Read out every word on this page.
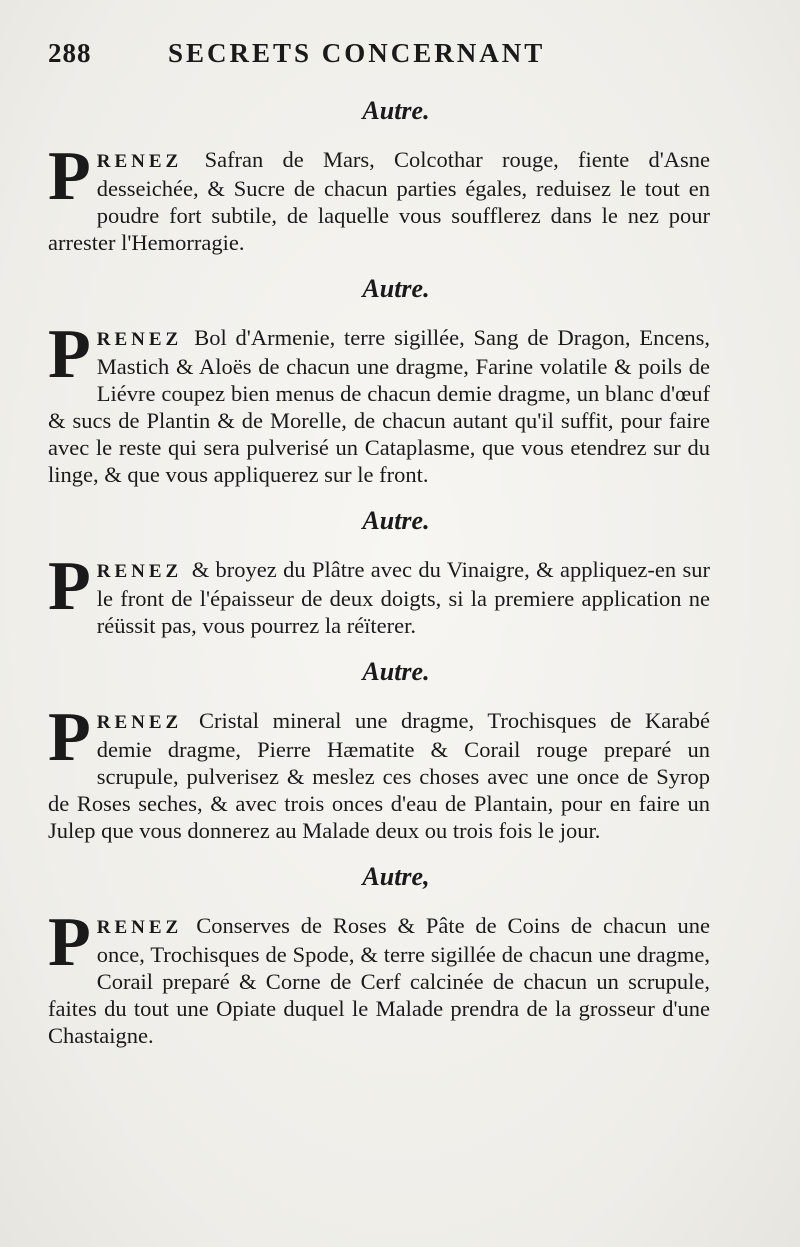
288	SECRETS CONCERNANT
Autre.
P RENEZ Safran de Mars, Colcothar rouge, fiente d'Asne desseichée, & Sucre de chacun parties égales, reduisez le tout en poudre fort subtile, de laquelle vous soufflerez dans le nez pour arrester l'Hemorragie.
Autre.
P RENEZ Bol d'Armenie, terre sigillée, Sang de Dragon, Encens, Mastich & Aloës de chacun une dragme, Farine volatile & poils de Liévre coupez bien menus de chacun demie dragme, un blanc d'œuf & sucs de Plantin & de Morelle, de chacun autant qu'il suffit, pour faire avec le reste qui sera pulverisé un Cataplasme, que vous etendrez sur du linge, & que vous appliquerez sur le front.
Autre.
P RENEZ & broyez du Plâtre avec du Vinaigre, & appliquez-en sur le front de l'épaisseur de deux doigts, si la premiere application ne réüssit pas, vous pourrez la réïterer.
Autre.
P RENEZ Cristal mineral une dragme, Trochisques de Karabé demie dragme, Pierre Hæmatite & Corail rouge preparé un scrupule, pulverisez & meslez ces choses avec une once de Syrop de Roses seches, & avec trois onces d'eau de Plantain, pour en faire un Julep que vous donnerez au Malade deux ou trois fois le jour.
Autre,
P RENEZ Conserves de Roses & Pâte de Coins de chacun une once, Trochisques de Spode, & terre sigillée de chacun une dragme, Corail preparé & Corne de Cerf calcinée de chacun un scrupule, faites du tout une Opiate duquel le Malade prendra de la grosseur d'une Chastaigne.
